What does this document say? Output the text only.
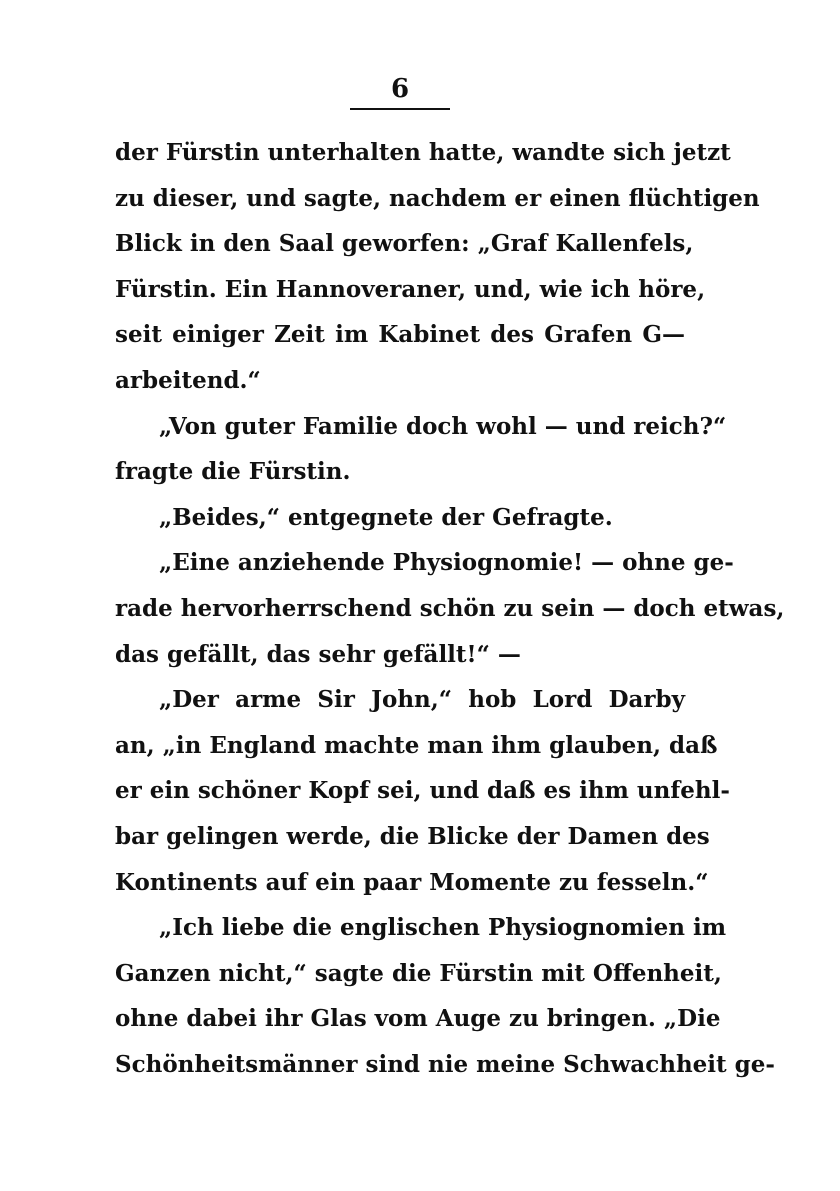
6
der Fürstin unterhalten hatte, wandte sich jetzt
zu dieser, und sagte, nachdem er einen flüchtigen
Blick in den Saal geworfen: „Graf Kallenfels,
Fürstin. Ein Hannoveraner, und, wie ich höre,
seit einiger Zeit im Kabinet des Grafen G—
arbeitend.“
„Von guter Familie doch wohl — und reich?“
fragte die Fürstin.
„Beides,“ entgegnete der Gefragte.
„Eine anziehende Physiognomie! — ohne ge-
rade hervorherrschend schön zu sein — doch etwas,
das gefällt, das sehr gefällt!“ —
„Der arme Sir John,“ hob Lord Darby
an, „in England machte man ihm glauben, daß
er ein schöner Kopf sei, und daß es ihm unfehl-
bar gelingen werde, die Blicke der Damen des
Kontinents auf ein paar Momente zu fesseln.“
„Ich liebe die englischen Physiognomien im
Ganzen nicht,“ sagte die Fürstin mit Offenheit,
ohne dabei ihr Glas vom Auge zu bringen. „Die
Schönheitsmänner sind nie meine Schwachheit ge-
